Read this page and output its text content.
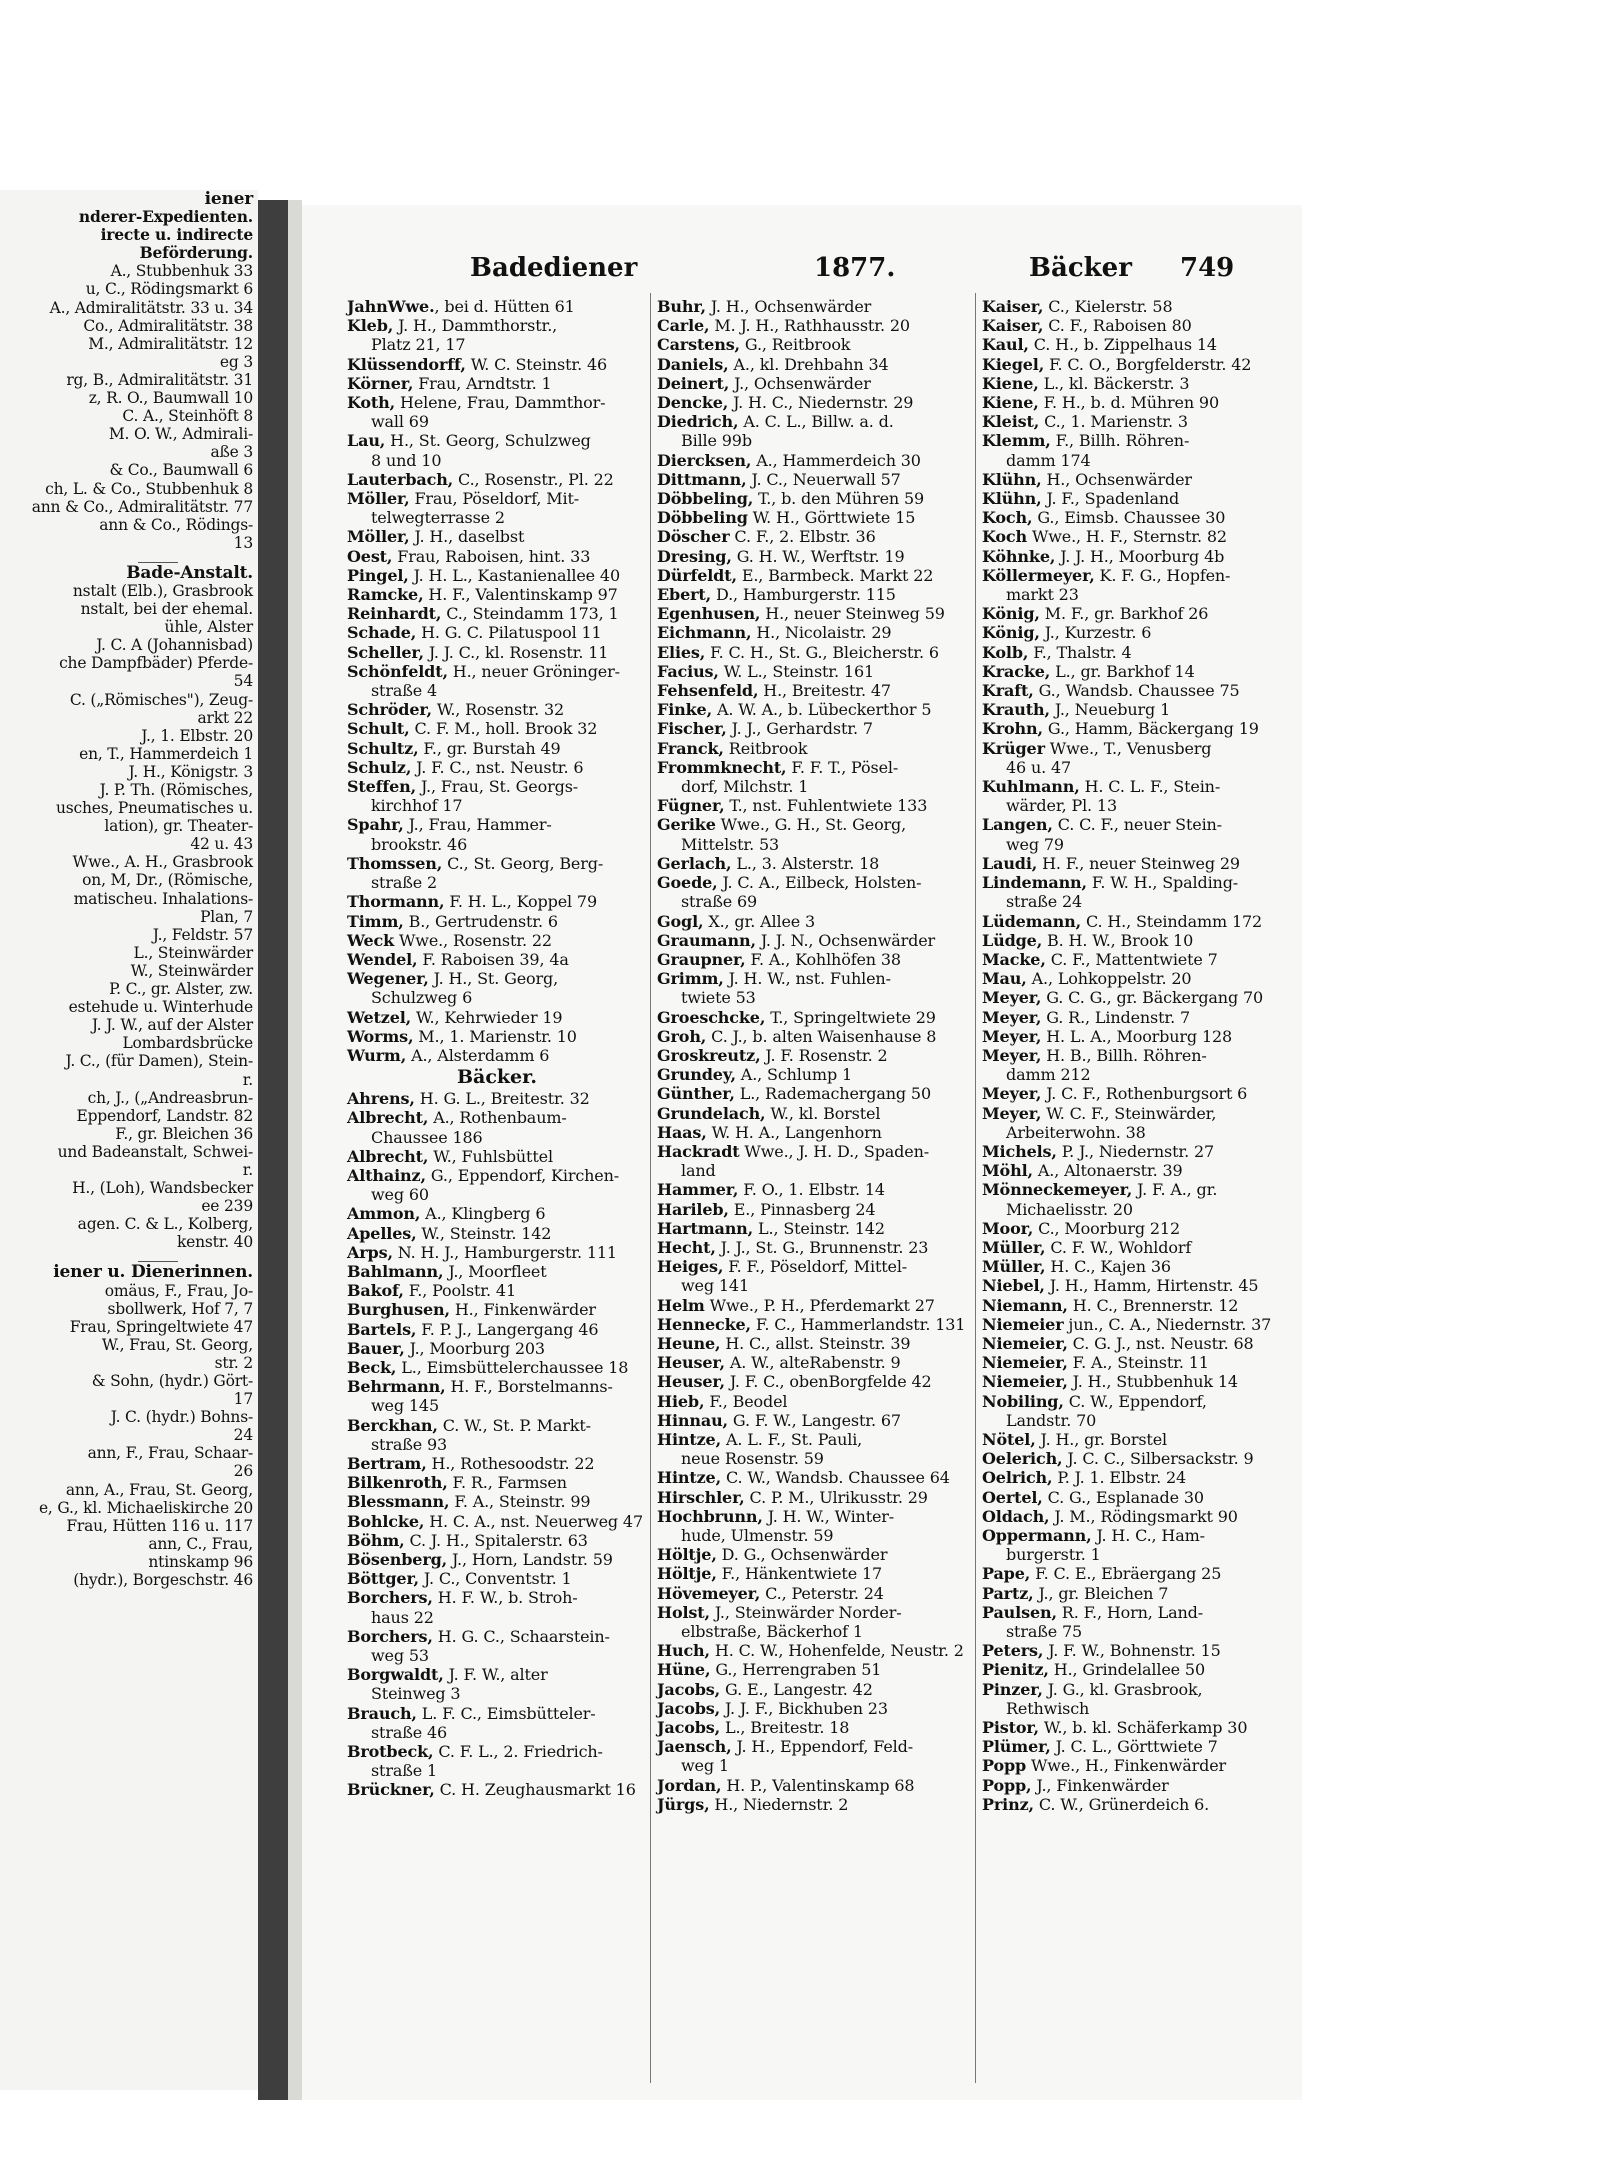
iener
nderer-Expedienten.
irecte u. indirecte
Beförderung.
A., Stubbenhuk 33
u, C., Rödingsmarkt 6
A., Admiralitätstr. 33 u. 34
Co., Admiralitätstr. 38
M., Admiralitätstr. 12
eg 3
rg, B., Admiralitätstr. 31
z, R. O., Baumwall 10
C. A., Steinhöft 8
M. O. W., Admirali-
aße 3
& Co., Baumwall 6
ch, L. & Co., Stubbenhuk 8
ann & Co., Admiralitätstr. 77
ann & Co., Rödings-
13
Bade-Anstalt.
nstalt (Elb.), Grasbrook
nstalt, bei der ehemal.
ühle, Alster
J. C. A (Johannisbad)
che Dampfbäder) Pferde-
54
C. („Römisches"), Zeug-
arkt 22
J., 1. Elbstr. 20
en, T., Hammerdeich 1
J. H., Königstr. 3
J. P. Th. (Römisches,
usches, Pneumatisches u.
lation), gr. Theater-
42 u. 43
Wwe., A. H., Grasbrook
on, M, Dr., (Römische,
matischeu. Inhalations-
Plan, 7
J., Feldstr. 57
L., Steinwärder
W., Steinwärder
P. C., gr. Alster, zw.
estehude u. Winterhude
J. J. W., auf der Alster
Lombardsbrücke
J. C., (für Damen), Stein-
r.
ch, J., („Andreasbrun-
Eppendorf, Landstr. 82
F., gr. Bleichen 36
und Badeanstalt, Schwei-
r.
H., (Loh), Wandsbecker
ee 239
agen. C. & L., Kolberg,
kenstr. 40
iener u. Dienerinnen.
omäus, F., Frau, Jo-
sbollwerk, Hof 7, 7
Frau, Springeltwiete 47
W., Frau, St. Georg,
str. 2
& Sohn, (hydr.) Gört-
17
J. C. (hydr.) Bohns-
24
ann, F., Frau, Schaar-
26
ann, A., Frau, St. Georg,
e, G., kl. Michaeliskirche 20
Frau, Hütten 116 u. 117
ann, C., Frau,
ntinskamp 96
(hydr.), Borgeschstr. 46
Badediener	1877.	Bäcker 749
JahnWwe., bei d. Hütten 61
Kleb, J. H., Dammthorstr.,
Platz 21, 17
Klüssendorff, W. C. Steinstr. 46
Körner, Frau, Arndtstr. 1
Koth, Helene, Frau, Dammthor-
wall 69
Lau, H., St. Georg, Schulzweg
8 und 10
Lauterbach, C., Rosenstr., Pl. 22
Möller, Frau, Pöseldorf, Mit-
telwegterrasse 2
Möller, J. H., daselbst
Oest, Frau, Raboisen, hint. 33
Pingel, J. H. L., Kastanienallee 40
Ramcke, H. F., Valentinskamp 97
Reinhardt, C., Steindamm 173, 1
Schade, H. G. C. Pilatuspool 11
Scheller, J. J. C., kl. Rosenstr. 11
Schönfeldt, H., neuer Gröninger-
straße 4
Schröder, W., Rosenstr. 32
Schult, C. F. M., holl. Brook 32
Schultz, F., gr. Burstah 49
Schulz, J. F. C., nst. Neustr. 6
Steffen, J., Frau, St. Georgs-
kirchhof 17
Spahr, J., Frau, Hammer-
brookstr. 46
Thomssen, C., St. Georg, Berg-
straße 2
Thormann, F. H. L., Koppel 79
Timm, B., Gertrudenstr. 6
Weck Wwe., Rosenstr. 22
Wendel, F. Raboisen 39, 4a
Wegener, J. H., St. Georg,
Schulzweg 6
Wetzel, W., Kehrwieder 19
Worms, M., 1. Marienstr. 10
Wurm, A., Alsterdamm 6
Bäcker.
Ahrens, H. G. L., Breitestr. 32
Albrecht, A., Rothenbaum-
Chaussee 186
Albrecht, W., Fuhlsbüttel
Althainz, G., Eppendorf, Kirchen-
weg 60
Ammon, A., Klingberg 6
Apelles, W., Steinstr. 142
Arps, N. H. J., Hamburgerstr. 111
Bahlmann, J., Moorfleet
Bakof, F., Poolstr. 41
Burghusen, H., Finkenwärder
Bartels, F. P. J., Langergang 46
Bauer, J., Moorburg 203
Beck, L., Eimsbüttelerchaussee 18
Behrmann, H. F., Borstelmanns-
weg 145
Berckhan, C. W., St. P. Markt-
straße 93
Bertram, H., Rothesoodstr. 22
Bilkenroth, F. R., Farmsen
Blessmann, F. A., Steinstr. 99
Bohlcke, H. C. A., nst. Neuerweg 47
Böhm, C. J. H., Spitalerstr. 63
Bösenberg, J., Horn, Landstr. 59
Böttger, J. C., Conventstr. 1
Borchers, H. F. W., b. Stroh-
haus 22
Borchers, H. G. C., Schaarstein-
weg 53
Borgwaldt, J. F. W., alter
Steinweg 3
Brauch, L. F. C., Eimsbütteler-
straße 46
Brotbeck, C. F. L., 2. Friedrich-
straße 1
Brückner, C. H. Zeughausmarkt 16
Buhr, J. H., Ochsenwärder
Carle, M. J. H., Rathhausstr. 20
Carstens, G., Reitbrook
Daniels, A., kl. Drehbahn 34
Deinert, J., Ochsenwärder
Dencke, J. H. C., Niedernstr. 29
Diedrich, A. C. L., Billw. a. d.
Bille 99b
Diercksen, A., Hammerdeich 30
Dittmann, J. C., Neuerwall 57
Döbbeling, T., b. den Mühren 59
Döbbeling W. H., Görttwiete 15
Döscher C. F., 2. Elbstr. 36
Dresing, G. H. W., Werftstr. 19
Dürfeldt, E., Barmbeck. Markt 22
Ebert, D., Hamburgerstr. 115
Egenhusen, H., neuer Steinweg 59
Eichmann, H., Nicolaistr. 29
Elies, F. C. H., St. G., Bleicherstr. 6
Facius, W. L., Steinstr. 161
Fehsenfeld, H., Breitestr. 47
Finke, A. W. A., b. Lübeckerthor 5
Fischer, J. J., Gerhardstr. 7
Franck, Reitbrook
Frommknecht, F. F. T., Pösel-
dorf, Milchstr. 1
Fügner, T., nst. Fuhlentwiete 133
Gerike Wwe., G. H., St. Georg,
Mittelstr. 53
Gerlach, L., 3. Alsterstr. 18
Goede, J. C. A., Eilbeck, Holsten-
straße 69
Gogl, X., gr. Allee 3
Graumann, J. J. N., Ochsenwärder
Graupner, F. A., Kohlhöfen 38
Grimm, J. H. W., nst. Fuhlen-
twiete 53
Groeschcke, T., Springeltwiete 29
Groh, C. J., b. alten Waisenhause 8
Groskreutz, J. F. Rosenstr. 2
Grundey, A., Schlump 1
Günther, L., Rademachergang 50
Grundelach, W., kl. Borstel
Haas, W. H. A., Langenhorn
Hackradt Wwe., J. H. D., Spaden-
land
Hammer, F. O., 1. Elbstr. 14
Harileb, E., Pinnasberg 24
Hartmann, L., Steinstr. 142
Hecht, J. J., St. G., Brunnenstr. 23
Heiges, F. F., Pöseldorf, Mittel-
weg 141
Helm Wwe., P. H., Pferdemarkt 27
Hennecke, F. C., Hammerlandstr. 131
Heune, H. C., allst. Steinstr. 39
Heuser, A. W., alteRabenstr. 9
Heuser, J. F. C., obenBorgfelde 42
Hieb, F., Beodel
Hinnau, G. F. W., Langestr. 67
Hintze, A. L. F., St. Pauli,
neue Rosenstr. 59
Hintze, C. W., Wandsb. Chaussee 64
Hirschler, C. P. M., Ulrikusstr. 29
Hochbrunn, J. H. W., Winter-
hude, Ulmenstr. 59
Höltje, D. G., Ochsenwärder
Höltje, F., Hänkentwiete 17
Hövemeyer, C., Peterstr. 24
Holst, J., Steinwärder Norder-
elbstraße, Bäckerhof 1
Huch, H. C. W., Hohenfelde, Neustr. 2
Hüne, G., Herrengraben 51
Jacobs, G. E., Langestr. 42
Jacobs, J. J. F., Bickhuben 23
Jacobs, L., Breitestr. 18
Jaensch, J. H., Eppendorf, Feld-
weg 1
Jordan, H. P., Valentinskamp 68
Jürgs, H., Niedernstr. 2
Kaiser, C., Kielerstr. 58
Kaiser, C. F., Raboisen 80
Kaul, C. H., b. Zippelhaus 14
Kiegel, F. C. O., Borgfelderstr. 42
Kiene, L., kl. Bäckerstr. 3
Kiene, F. H., b. d. Mühren 90
Kleist, C., 1. Marienstr. 3
Klemm, F., Billh. Röhren-
damm 174
Klühn, H., Ochsenwärder
Klühn, J. F., Spadenland
Koch, G., Eimsb. Chaussee 30
Koch Wwe., H. F., Sternstr. 82
Köhnke, J. J. H., Moorburg 4b
Köllermeyer, K. F. G., Hopfen-
markt 23
König, M. F., gr. Barkhof 26
König, J., Kurzestr. 6
Kolb, F., Thalstr. 4
Kracke, L., gr. Barkhof 14
Kraft, G., Wandsb. Chaussee 75
Krauth, J., Neueburg 1
Krohn, G., Hamm, Bäckergang 19
Krüger Wwe., T., Venusberg
46 u. 47
Kuhlmann, H. C. L. F., Stein-
wärder, Pl. 13
Langen, C. C. F., neuer Stein-
weg 79
Laudi, H. F., neuer Steinweg 29
Lindemann, F. W. H., Spalding-
straße 24
Lüdemann, C. H., Steindamm 172
Lüdge, B. H. W., Brook 10
Macke, C. F., Mattentwiete 7
Mau, A., Lohkoppelstr. 20
Meyer, G. C. G., gr. Bäckergang 70
Meyer, G. R., Lindenstr. 7
Meyer, H. L. A., Moorburg 128
Meyer, H. B., Billh. Röhren-
damm 212
Meyer, J. C. F., Rothenburgsort 6
Meyer, W. C. F., Steinwärder,
Arbeiterwohn. 38
Michels, P. J., Niedernstr. 27
Möhl, A., Altonaerstr. 39
Mönneckemeyer, J. F. A., gr.
Michaelisstr. 20
Moor, C., Moorburg 212
Müller, C. F. W., Wohldorf
Müller, H. C., Kajen 36
Niebel, J. H., Hamm, Hirtenstr. 45
Niemann, H. C., Brennerstr. 12
Niemeier jun., C. A., Niedernstr. 37
Niemeier, C. G. J., nst. Neustr. 68
Niemeier, F. A., Steinstr. 11
Niemeier, J. H., Stubbenhuk 14
Nobiling, C. W., Eppendorf,
Landstr. 70
Nötel, J. H., gr. Borstel
Oelerich, J. C. C., Silbersackstr. 9
Oelrich, P. J. 1. Elbstr. 24
Oertel, C. G., Esplanade 30
Oldach, J. M., Rödingsmarkt 90
Oppermann, J. H. C., Ham-
burgerstr. 1
Pape, F. C. E., Ebräergang 25
Partz, J., gr. Bleichen 7
Paulsen, R. F., Horn, Land-
straße 75
Peters, J. F. W., Bohnenstr. 15
Pienitz, H., Grindelallee 50
Pinzer, J. G., kl. Grasbrook,
Rethwisch
Pistor, W., b. kl. Schäferkamp 30
Plümer, J. C. L., Görttwiete 7
Popp Wwe., H., Finkenwärder
Popp, J., Finkenwärder
Prinz, C. W., Grünerdeich 6.
